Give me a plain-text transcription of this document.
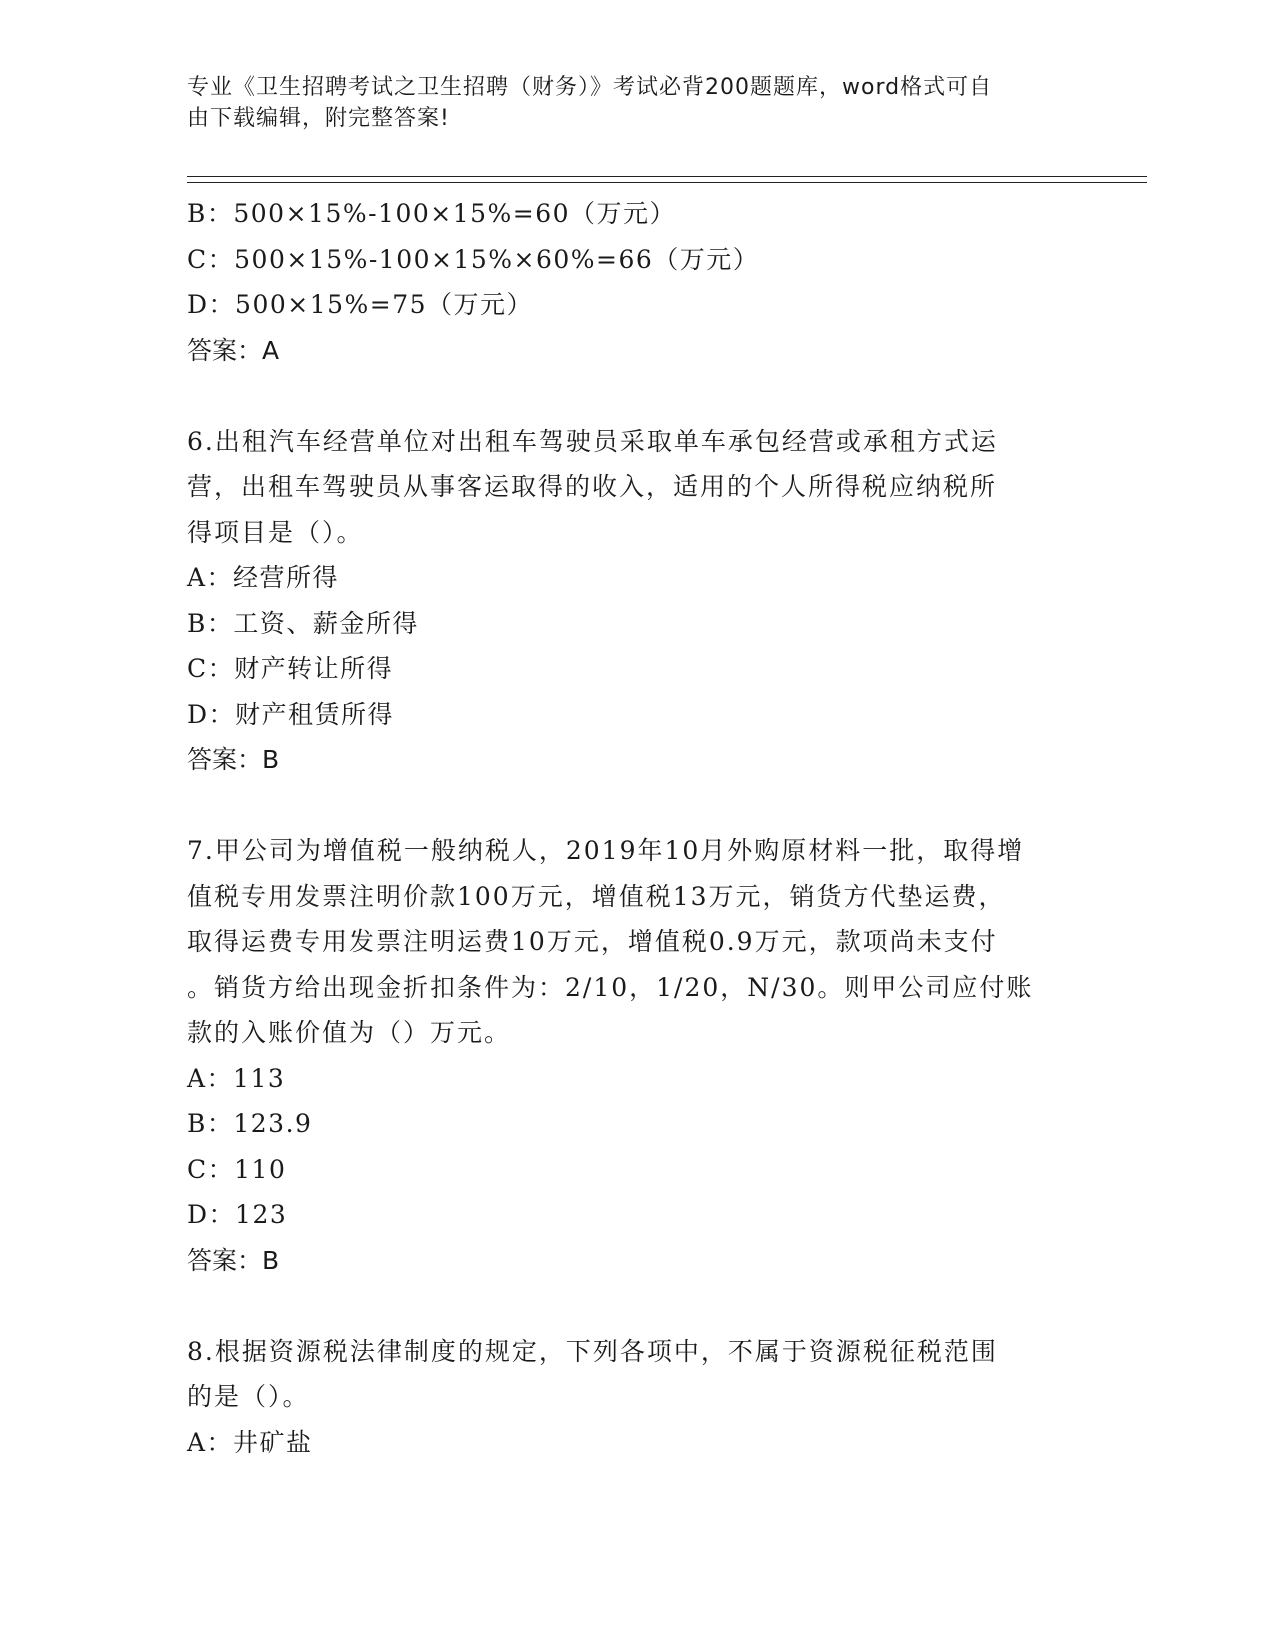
专业《卫生招聘考试之卫生招聘（财务）》考试必背200题题库，word格式可自
由下载编辑，附完整答案!
B：500×15%-100×15%=60（万元）
C：500×15%-100×15%×60%=66（万元）
D：500×15%=75（万元）
答案：A
6.出租汽车经营单位对出租车驾驶员采取单车承包经营或承租方式运
营，出租车驾驶员从事客运取得的收入，适用的个人所得税应纳税所
得项目是（）。
A：经营所得
B：工资、薪金所得
C：财产转让所得
D：财产租赁所得
答案：B
7.甲公司为增值税一般纳税人，2019年10月外购原材料一批，取得增
值税专用发票注明价款100万元，增值税13万元，销货方代垫运费，
取得运费专用发票注明运费10万元，增值税0.9万元，款项尚未支付
。销货方给出现金折扣条件为：2/10，1/20，N/30。则甲公司应付账
款的入账价值为（）万元。
A：113
B：123.9
C：110
D：123
答案：B
8.根据资源税法律制度的规定，下列各项中，不属于资源税征税范围
的是（）。
A：井矿盐
